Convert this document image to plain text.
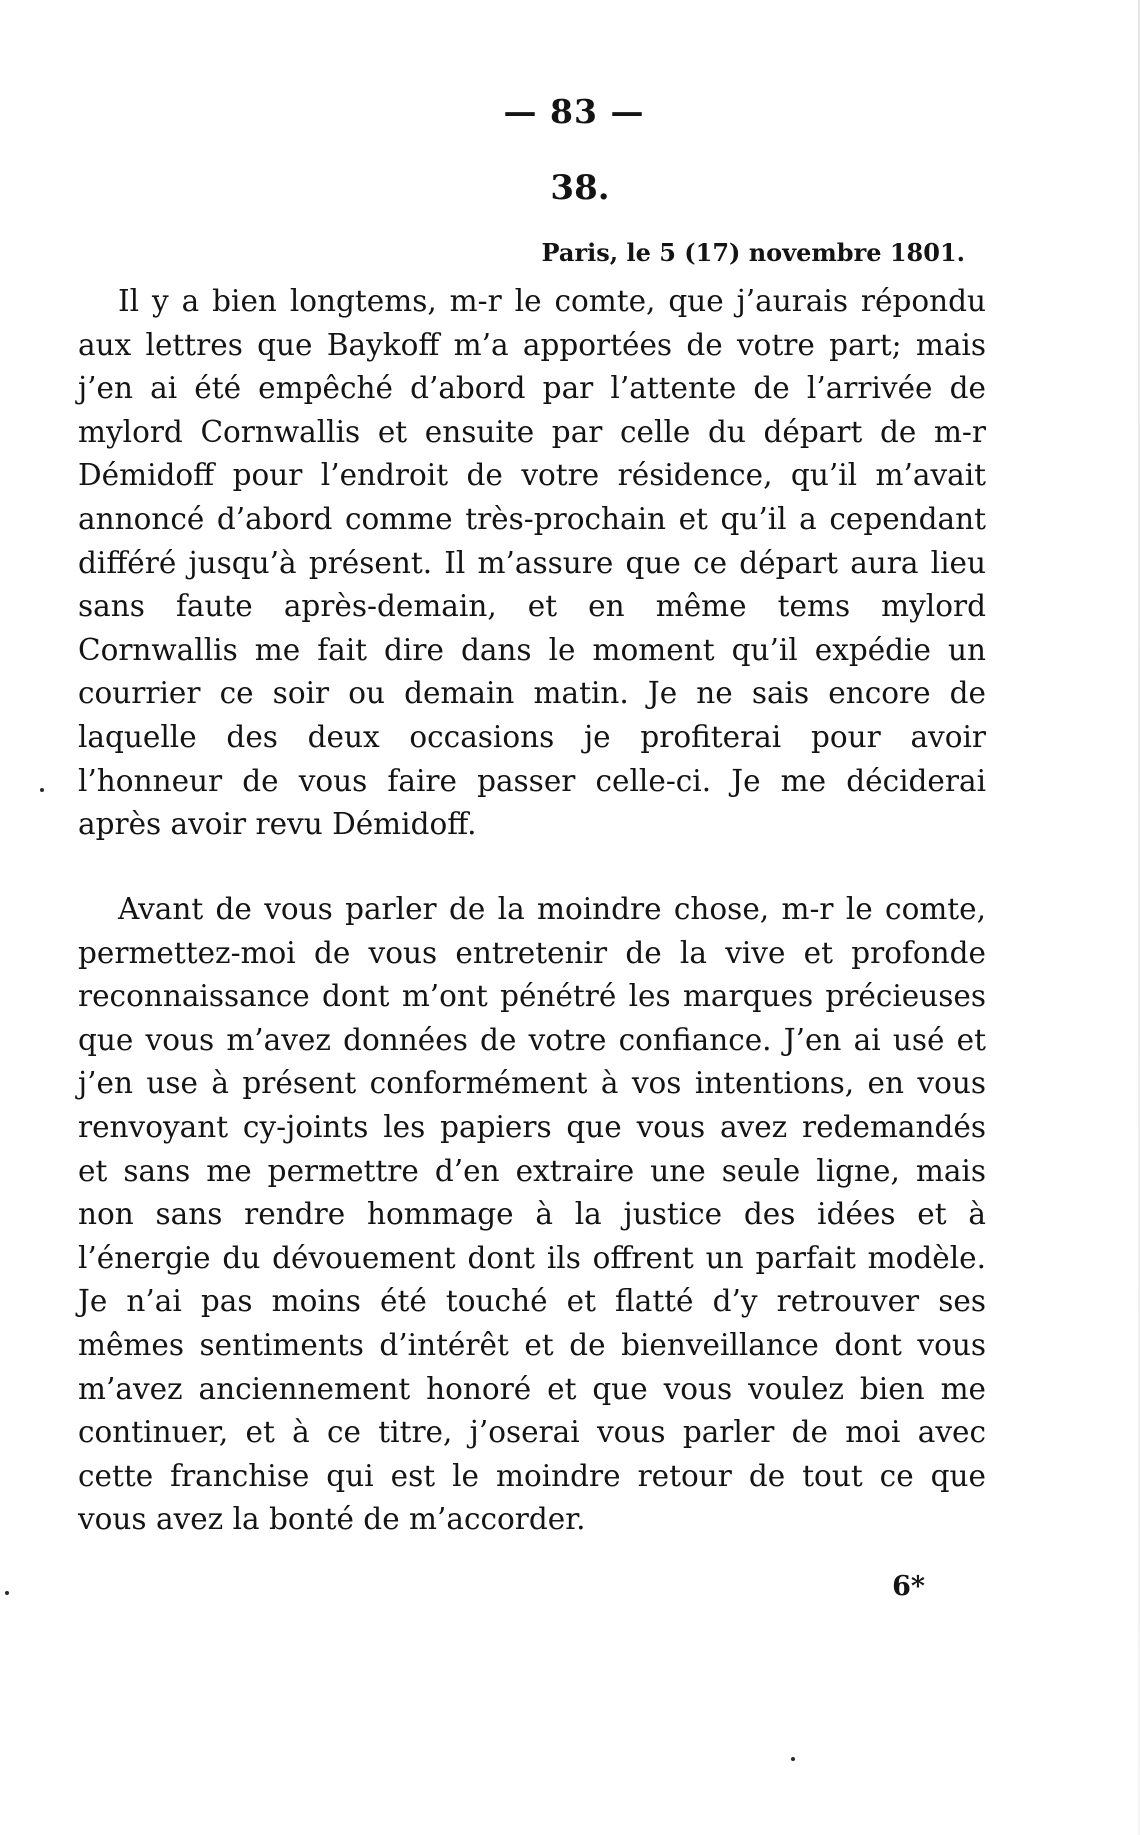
— 83 —
38.
Paris, le 5 (17) novembre 1801.

Il y a bien longtems, m-r le comte, que j’aurais répondu aux lettres que Baykoff m’a apportées de votre part; mais j’en ai été empêché d’abord par l’attente de l’arrivée de mylord Cornwallis et ensuite par celle du départ de m-r Démidoff pour l’endroit de votre résidence, qu’il m’avait annoncé d’abord comme très-prochain et qu’il a cependant différé jusqu’à présent. Il m’assure que ce départ aura lieu sans faute après-demain, et en même tems mylord Cornwallis me fait dire dans le moment qu’il expédie un courrier ce soir ou demain matin. Je ne sais encore de laquelle des deux occasions je profiterai pour avoir l’honneur de vous faire passer celle-ci. Je me déciderai après avoir revu Démidoff.

Avant de vous parler de la moindre chose, m-r le comte, permettez-moi de vous entretenir de la vive et profonde reconnaissance dont m’ont pénétré les marques précieuses que vous m’avez données de votre confiance. J’en ai usé et j’en use à présent conformément à vos intentions, en vous renvoyant cy-joints les papiers que vous avez redemandés et sans me permettre d’en extraire une seule ligne, mais non sans rendre hommage à la justice des idées et à l’énergie du dévouement dont ils offrent un parfait modèle. Je n’ai pas moins été touché et flatté d’y retrouver ses mêmes sentiments d’intérêt et de bienveillance dont vous m’avez anciennement honoré et que vous voulez bien me continuer, et à ce titre, j’oserai vous parler de moi avec cette franchise qui est le moindre retour de tout ce que vous avez la bonté de m’accorder.

6*
